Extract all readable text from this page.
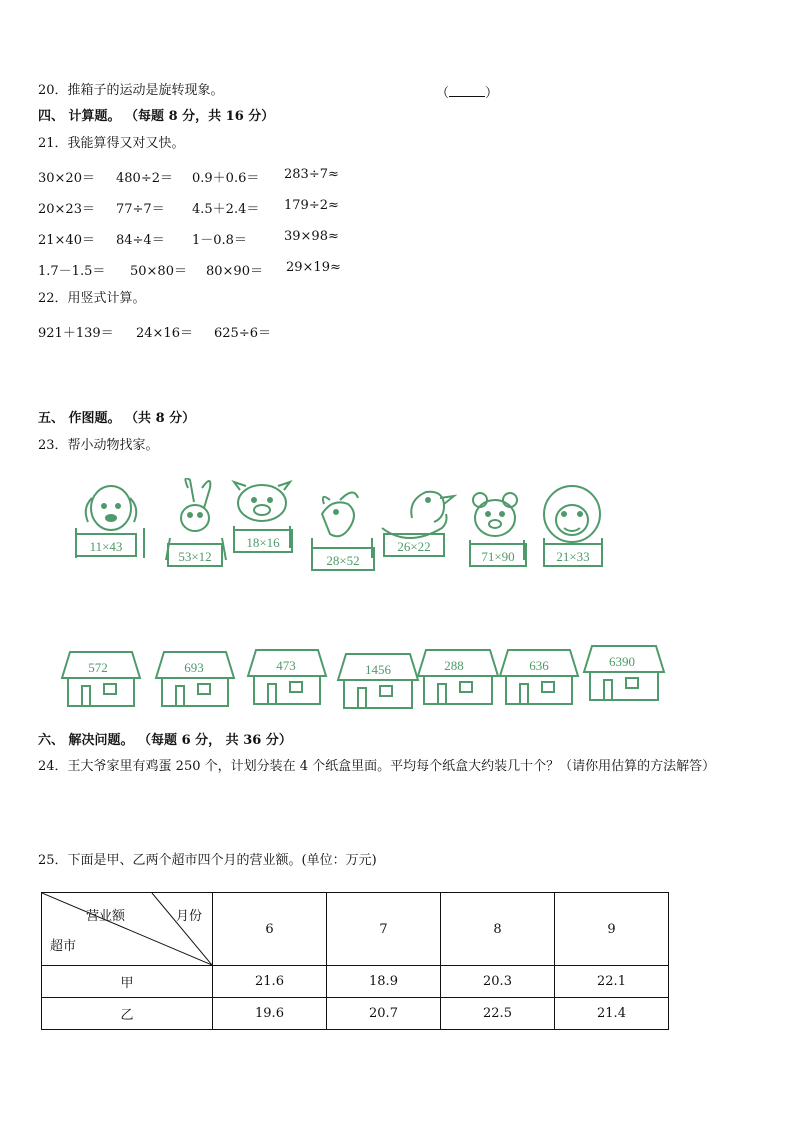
20．推箱子的运动是旋转现象。	（	）
四、 计算题。 （每题 8 分，共 16 分）
21．我能算得又对又快。
30×20＝ 480÷2＝ 0.9＋0.6＝ 283÷7≈
20×23＝ 77÷7＝ 4.5＋2.4＝ 179÷2≈
21×40＝ 84÷4＝ 1－0.8＝	39×98≈
1.7－1.5＝ 50×80＝ 80×90＝ 29×19≈
22．用竖式计算。
921＋139＝ 24×16＝ 625÷6＝
五、 作图题。 （共 8 分）
23．帮小动物找家。
11×43
53×12
18×16
28×52
26×22
71×90	21×33
572	693	473	1456	288	636	6390
六、 解决问题。 （每题 6 分， 共 36 分）
24．王大爷家里有鸡蛋 250 个，计划分装在 4 个纸盒里面。平均每个纸盒大约装几十个？（请你用估算的方法解答）
25．下面是甲、乙两个超市四个月的营业额。(单位：万元)
营业额 月份
超市	6	7	8	9
甲	21.6	18.9	20.3	22.1
乙	19.6	20.7	22.5	21.4
